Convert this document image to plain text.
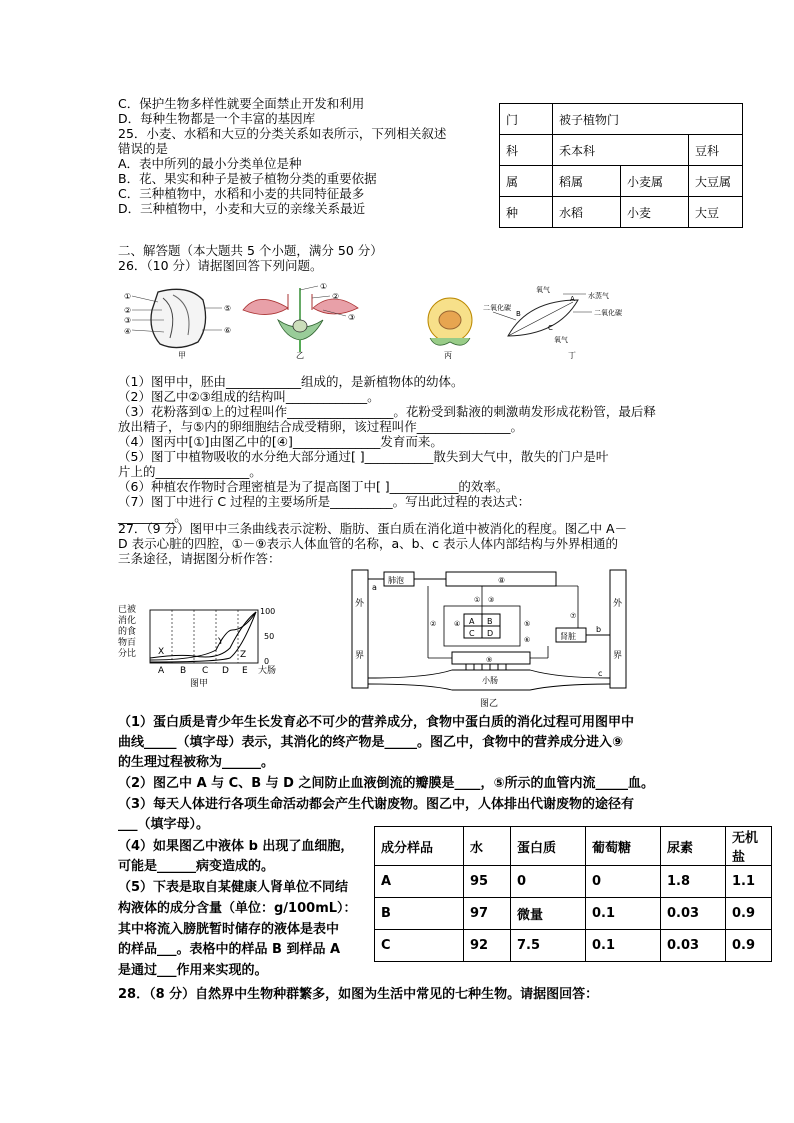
C．保护生物多样性就要全面禁止开发和利用
D．每种生物都是一个丰富的基因库
25．小麦、水稻和大豆的分类关系如表所示，下列相关叙述
错误的是
A．表中所列的最小分类单位是种
B．花、果实和种子是被子植物分类的重要依据
C．三种植物中，水稻和小麦的共同特征最多
D．三种植物中，小麦和大豆的亲缘关系最近
门	被子植物门		
科	禾本科		豆科
属	稻属	小麦属	大豆属
种	水稻	小麦	大豆
二、解答题（本大题共 5 个小题，满分 50 分）
26．（10 分）请据图回答下列问题。
①
②
③
④
⑤
⑥
甲
①
②
③
乙	丙
氧气
A 水蒸气
二氧化碳
B
C
氧气
二氧化碳
丁
（1）图甲中，胚由____________组成的，是新植物体的幼体。
（2）图乙中②③组成的结构叫_____________。
（3）花粉落到①上的过程叫作_________________。花粉受到黏液的刺激萌发形成花粉管，最后释
放出精子，与⑤内的卵细胞结合成受精卵，该过程叫作_______________。
（4）图丙中[①]由图乙中的[④]______________发育而来。
（5）图丁中植物吸收的水分绝大部分通过[ ]___________散失到大气中，散失的门户是叶
片上的_______________。
（6）种植农作物时合理密植是为了提高图丁中[ ]___________的效率。
（7）图丁中进行 C 过程的主要场所是__________。写出此过程的表达式：
_________。
27．（9 分）图甲中三条曲线表示淀粉、脂肪、蛋白质在消化道中被消化的程度。图乙中 A－
D 表示心脏的四腔，①－⑨表示人体血管的名称，a、b、c 表示人体内部结构与外界相通的
三条途径，请据图分析作答：
已被
消化
的食
物百
分比 X
Y
Z
100
50
0
A B C D E 大肠
图甲
外
界
外
界
肺泡	⑧
a
A B
C D
① ③
②	④	⑤
⑥
⑦
肾脏
b
⑨
小肠
c
图乙
（1）蛋白质是青少年生长发育必不可少的营养成分，食物中蛋白质的消化过程可用图甲中
曲线_____（填字母）表示，其消化的终产物是_____。图乙中，食物中的营养成分进入⑨
的生理过程被称为______。
（2）图乙中 A 与 C、B 与 D 之间防止血液倒流的瓣膜是____，⑤所示的血管内流_____血。
（3）每天人体进行各项生命活动都会产生代谢废物。图乙中，人体排出代谢废物的途径有
___（填字母）。
（4）如果图乙中液体 b 出现了血细胞，
可能是______病变造成的。
（5）下表是取自某健康人肾单位不同结
构液体的成分含量（单位：g/100mL）：
其中将流入膀胱暂时储存的液体是表中
的样品___。表格中的样品 B 到样品 A
是通过___作用来实现的。
成分样品	水	蛋白质	葡萄糖	尿素	无机盐
A	95	0	0	1.8	1.1
B	97	微量	0.1	0.03	0.9
C	92	7.5	0.1	0.03	0.9
28．（8 分）自然界中生物种群繁多，如图为生活中常见的七种生物。请据图回答：
